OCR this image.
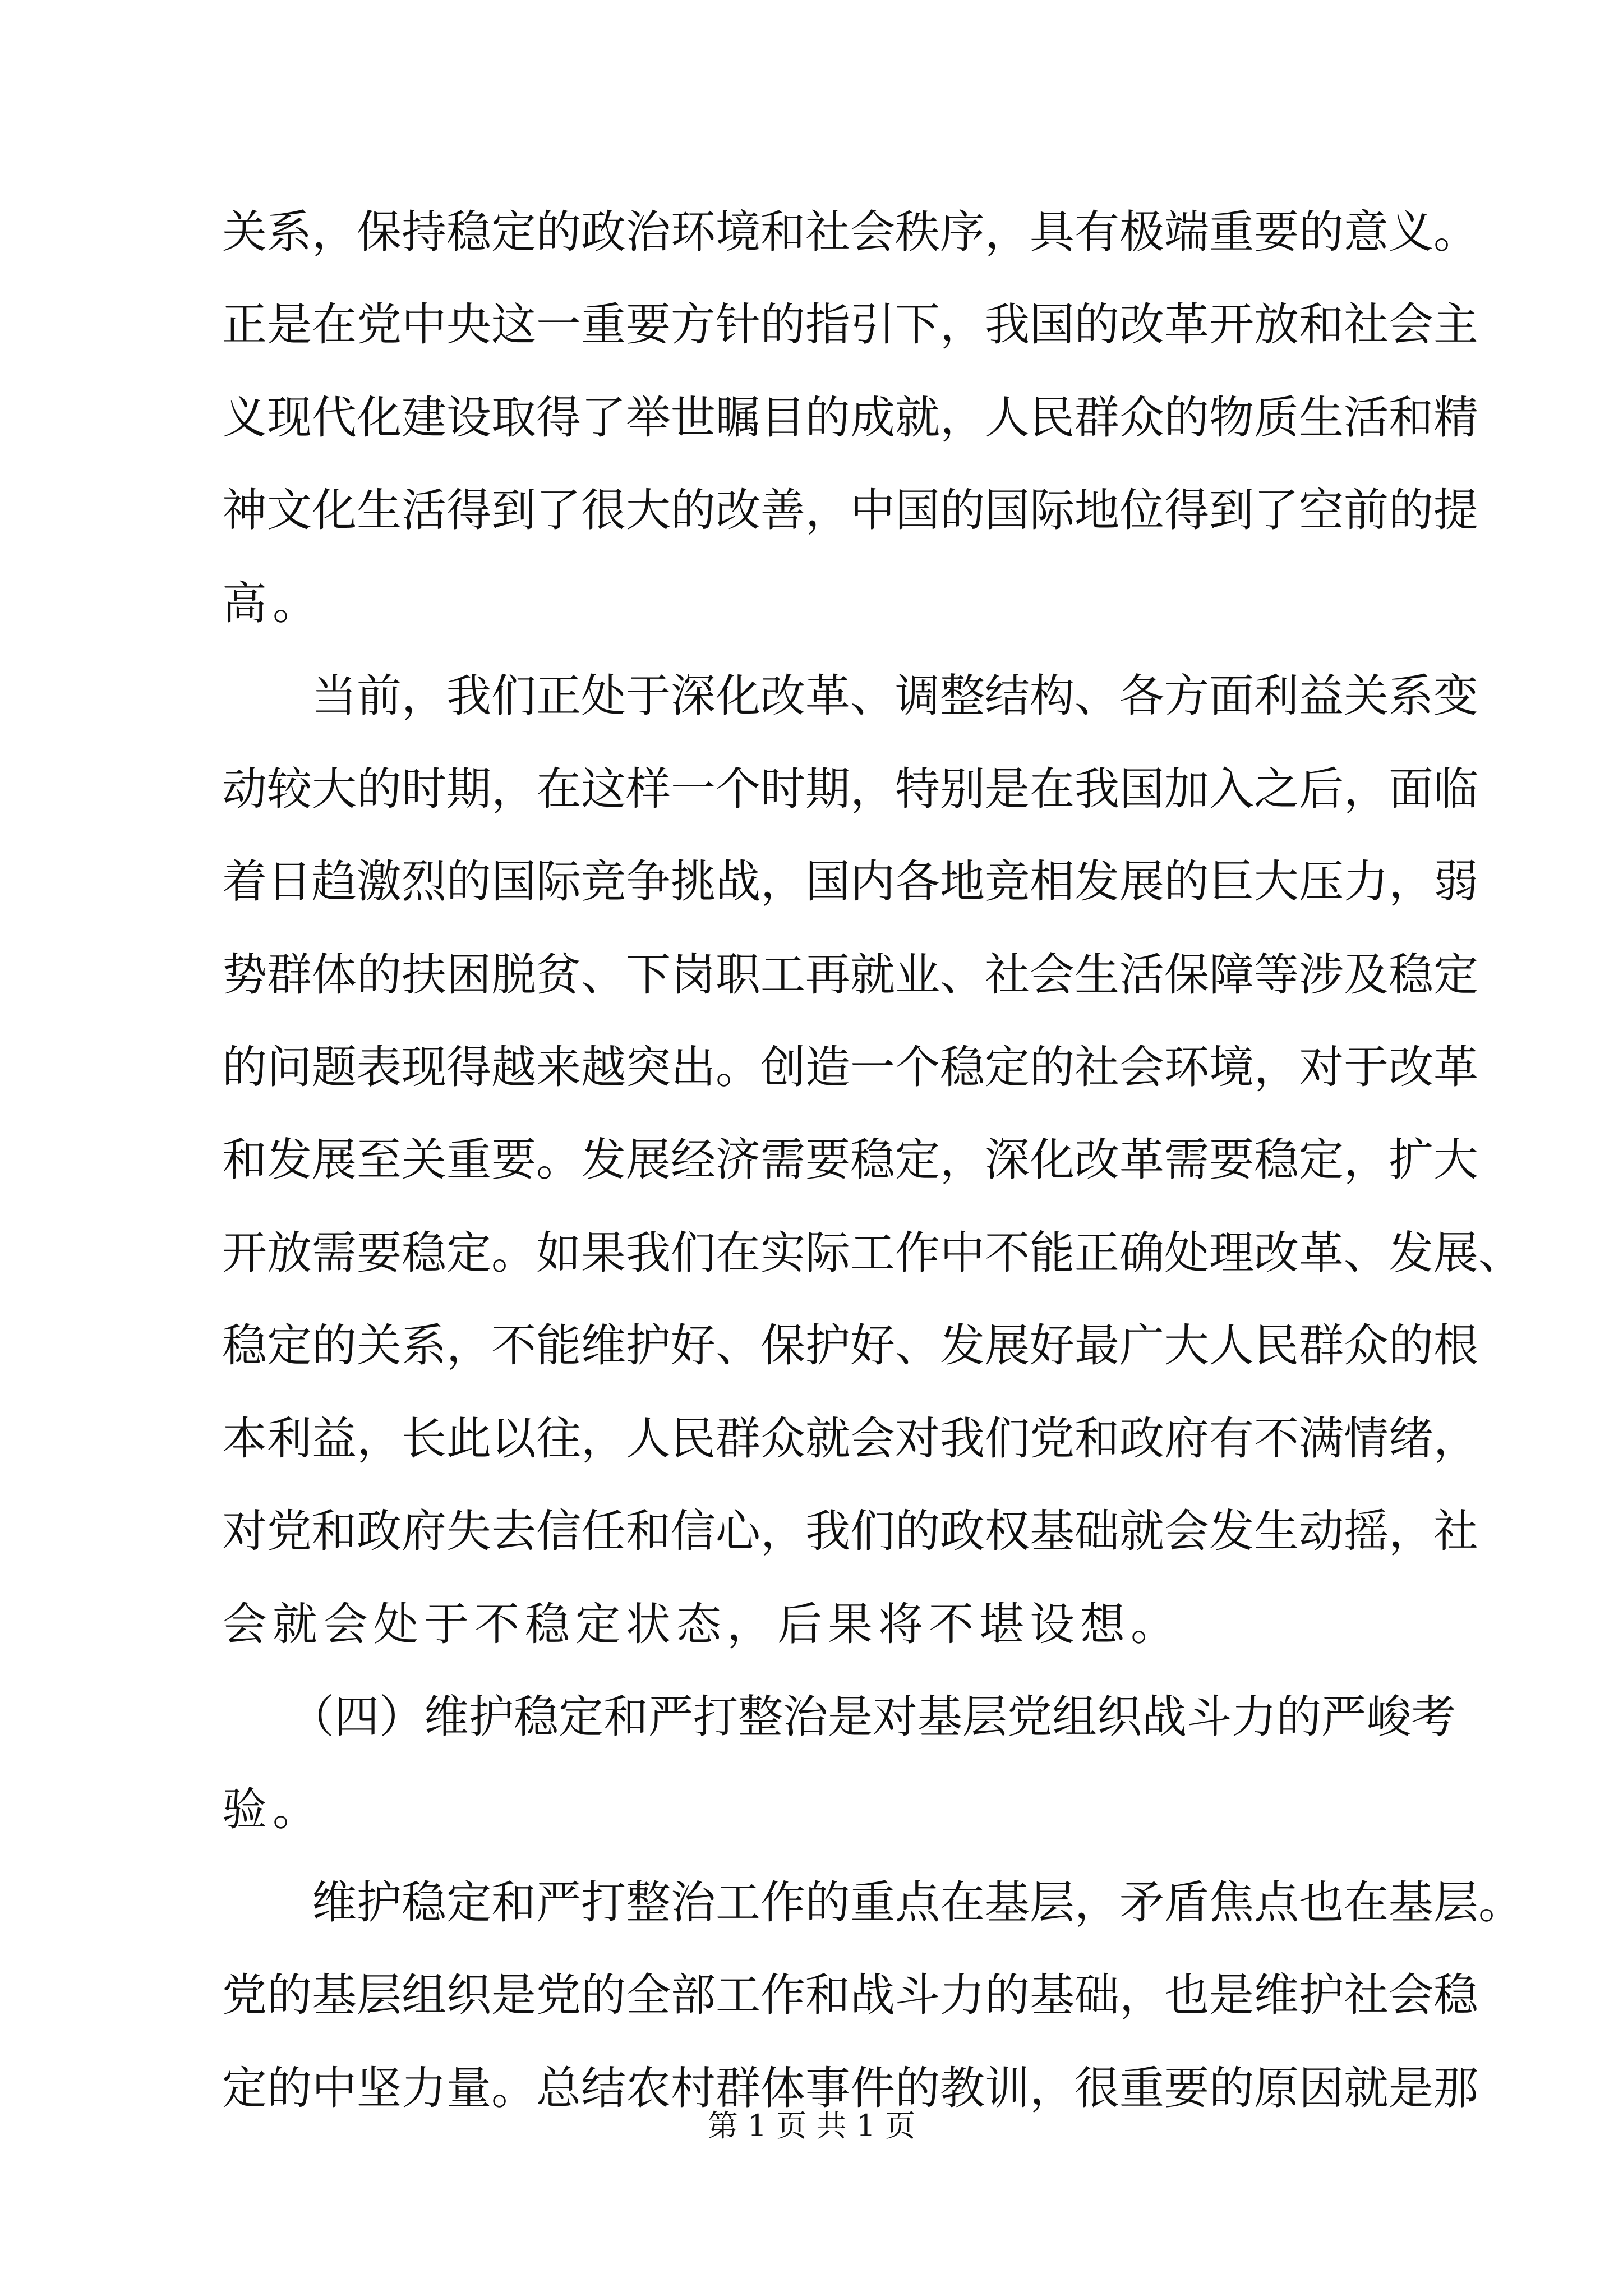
关系，保持稳定的政治环境和社会秩序，具有极端重要的意义。
正是在党中央这一重要方针的指引下，我国的改革开放和社会主
义现代化建设取得了举世瞩目的成就，人民群众的物质生活和精
神文化生活得到了很大的改善，中国的国际地位得到了空前的提
高。
　　当前，我们正处于深化改革、调整结构、各方面利益关系变
动较大的时期，在这样一个时期，特别是在我国加入之后，面临
着日趋激烈的国际竞争挑战，国内各地竞相发展的巨大压力，弱
势群体的扶困脱贫、下岗职工再就业、社会生活保障等涉及稳定
的问题表现得越来越突出。创造一个稳定的社会环境，对于改革
和发展至关重要。发展经济需要稳定，深化改革需要稳定，扩大
开放需要稳定。如果我们在实际工作中不能正确处理改革、发展、
稳定的关系，不能维护好、保护好、发展好最广大人民群众的根
本利益，长此以往，人民群众就会对我们党和政府有不满情绪，
对党和政府失去信任和信心，我们的政权基础就会发生动摇，社
会就会处于不稳定状态，后果将不堪设想。
　　（四）维护稳定和严打整治是对基层党组织战斗力的严峻考
验。
　　维护稳定和严打整治工作的重点在基层，矛盾焦点也在基层。
党的基层组织是党的全部工作和战斗力的基础，也是维护社会稳
定的中坚力量。总结农村群体事件的教训，很重要的原因就是那
第 1 页 共 1 页
